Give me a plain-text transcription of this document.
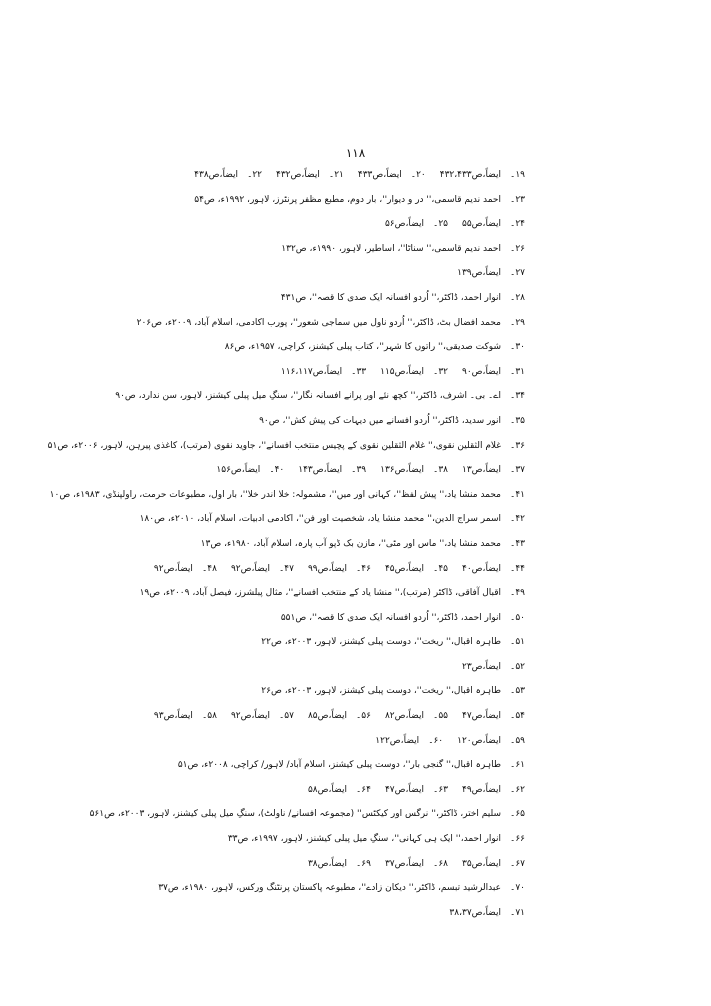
۱۱۸
۱۹۔ایضاً،ص۴۳۲،۴۳۳
۲۰۔ایضاً،ص۴۳۳
۲۱۔ایضاً،ص۴۳۲
۲۲۔ایضاً،ص۴۳۸
۲۳۔احمد ندیم قاسمی،'' در و دیوار''، بار دوم، مطبع مظفر پرنٹرز، لاہور، ۱۹۹۲ء، ص۵۴
۲۴۔ایضاً،ص۵۵
۲۵۔ایضاً،ص۵۶
۲۶۔احمد ندیم قاسمی،'' سناٹا''، اساطیر، لاہور، ۱۹۹۰ء، ص۱۳۲
۲۷۔ایضاً،ص۱۳۹
۲۸۔انوار احمد، ڈاکٹر،'' اُردو افسانہ ایک صدی کا قصہ''، ص۴۳۱
۲۹۔محمد افضال بٹ، ڈاکٹر،'' اُردو ناول میں سماجی شعور''، پورب اکادمی، اسلام آباد، ۲۰۰۹ء، ص۲۰۶
۳۰۔شوکت صدیقی،'' راتوں کا شہر''، کتاب پبلی کیشنز، کراچی، ۱۹۵۷ء، ص۸۶
۳۱۔ایضاً،ص۹۰
۳۲۔ایضاً،ص۱۱۵
۳۳۔ایضاً،ص۱۱۶،۱۱۷
۳۴۔اے۔ بی۔ اشرف، ڈاکٹر،'' کچھ نئے اور پرانے افسانہ نگار''، سنگِ میل پبلی کیشنز، لاہور، سن ندارد، ص۹۰
۳۵۔انور سدید، ڈاکٹر،'' اُردو افسانے میں دیہات کی پیش کش''، ص۹۰
۳۶۔غلام الثقلین نقوی،'' غلام الثقلین نقوی کے پچیس منتخب افسانے''، جاوید نقوی (مرتب)، کاغذی پیرہن، لاہور، ۲۰۰۶ء، ص۵۱
۳۷۔ایضاً،ص۱۳
۳۸۔ایضاً،ص۱۳۶
۳۹۔ایضاً،ص۱۴۳
۴۰۔ایضاً،ص۱۵۶
۴۱۔محمد منشا یاد،'' پیش لفظ''، کہانی اور میں''، مشمولہ: خلا اندر خلا''، بار اول، مطبوعات حرمت، راولپنڈی، ۱۹۸۳ء، ص۱۰
۴۲۔اسمر سراج الدین،'' محمد منشا یاد، شخصیت اور فن''، اکادمی ادبیات، اسلام آباد، ۲۰۱۰ء، ص۱۸۰
۴۳۔محمد منشا یاد،'' ماس اور مٹی''، مازن بک ڈپو آب پارہ، اسلام آباد، ۱۹۸۰ء، ص۱۳
۴۴۔ایضاً،ص۴۰
۴۵۔ایضاً،ص۴۵
۴۶۔ایضاً،ص۹۹
۴۷۔ایضاً،ص۹۲
۴۸۔ایضاً،ص۹۲
۴۹۔اقبال آفاقی، ڈاکٹر (مرتب)،'' منشا یاد کے منتخب افسانے''، مثال پبلشرز، فیصل آباد، ۲۰۰۹ء، ص۱۹
۵۰۔انوار احمد، ڈاکٹر،'' اُردو افسانہ ایک صدی کا قصہ''، ص۵۵۱
۵۱۔طاہرہ اقبال،'' ریخت''، دوست پبلی کیشنز، لاہور، ۲۰۰۳ء، ص۲۲
۵۲۔ایضاً،ص۲۳
۵۳۔طاہرہ اقبال،'' ریخت''، دوست پبلی کیشنز، لاہور، ۲۰۰۳ء، ص۲۶
۵۴۔ایضاً،ص۴۷
۵۵۔ایضاً،ص۸۲
۵۶۔ایضاً،ص۸۵
۵۷۔ایضاً،ص۹۲
۵۸۔ایضاً،ص۹۳
۵۹۔ایضاً،ص۱۲۰
۶۰۔ایضاً،ص۱۲۲
۶۱۔طاہرہ اقبال،'' گنجی بار''، دوست پبلی کیشنز، اسلام آباد/ لاہور/ کراچی، ۲۰۰۸ء، ص۵۱
۶۲۔ایضاً،ص۴۹
۶۳۔ایضاً،ص۴۷
۶۴۔ایضاً،ص۵۸
۶۵۔سلیم اختر، ڈاکٹر،'' نرگس اور کیکٹس'' (مجموعہ افسانے/ ناولٹ)، سنگِ میل پبلی کیشنز، لاہور، ۲۰۰۳ء، ص۵۶۱
۶۶۔انوار احمد،'' ایک ہی کہانی''، سنگِ میل پبلی کیشنز، لاہور، ۱۹۹۷ء، ص۳۳
۶۷۔ایضاً،ص۳۵
۶۸۔ایضاً،ص۳۷
۶۹۔ایضاً،ص۳۸
۷۰۔عبدالرشید تبسم، ڈاکٹر،'' دیکان زادے''، مطبوعہ پاکستان پرنٹنگ ورکس، لاہور، ۱۹۸۰ء، ص۳۷
۷۱۔ایضاً،ص۳۸،۳۷
